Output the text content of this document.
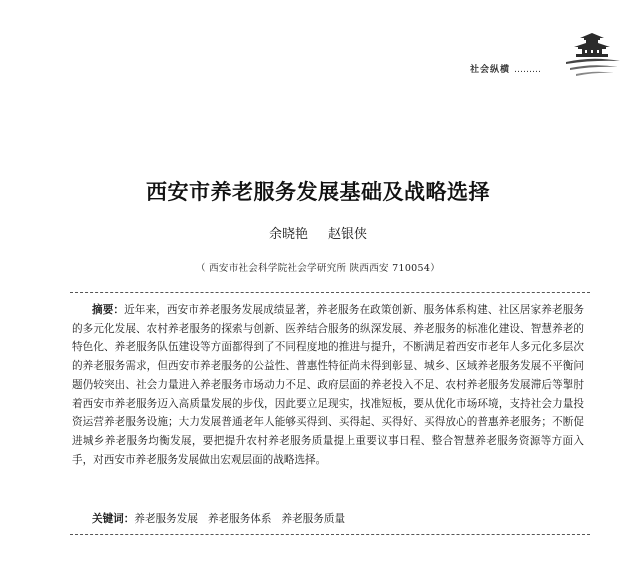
社会纵横 ………
西安市养老服务发展基础及战略选择
余晓艳 赵银侠
（ 西安市社会科学院社会学研究所 陕西西安 710054）
摘要：近年来，西安市养老服务发展成绩显著，养老服务在政策创新、服务体系构建、社区居家养老服务的多元化发展、农村养老服务的探索与创新、医养结合服务的纵深发展、养老服务的标准化建设、智慧养老的特色化、养老服务队伍建设等方面都得到了不同程度地的推进与提升，不断满足着西安市老年人多元化多层次的养老服务需求，但西安市养老服务的公益性、普惠性特征尚未得到彰显、城乡、区域养老服务发展不平衡问题仍较突出、社会力量进入养老服务市场动力不足、政府层面的养老投入不足、农村养老服务发展滞后等掣肘着西安市养老服务迈入高质量发展的步伐，因此要立足现实，找准短板，要从优化市场环境，支持社会力量投资运营养老服务设施；大力发展普通老年人能够买得到、买得起、买得好、买得放心的普惠养老服务；不断促进城乡养老服务均衡发展，要把提升农村养老服务质量提上重要议事日程、整合智慧养老服务资源等方面入手，对西安市养老服务发展做出宏观层面的战略选择。
关键词：养老服务发展 养老服务体系 养老服务质量
